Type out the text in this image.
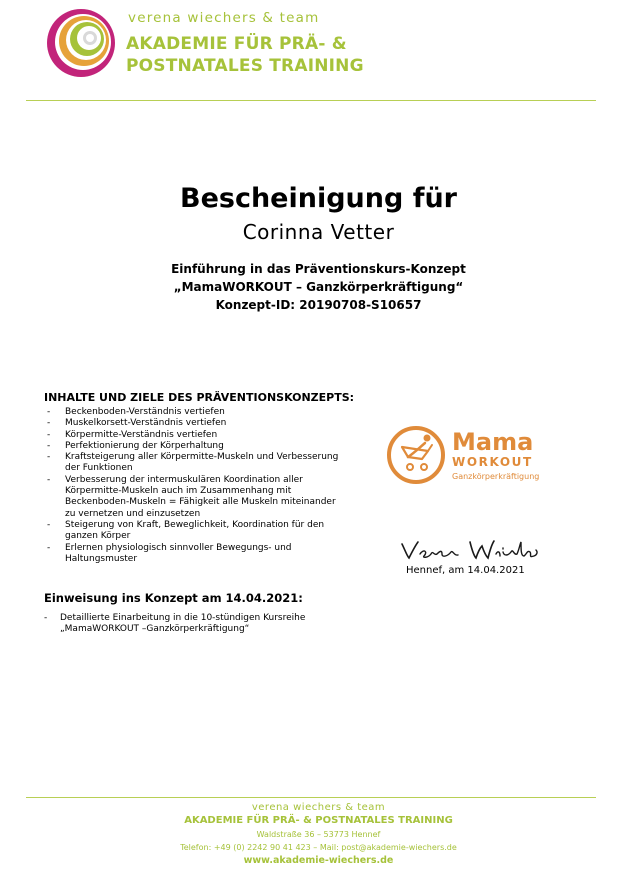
verena wiechers & team
AKADEMIE FÜR PRÄ- &
POSTNATALES TRAINING
Bescheinigung für
Corinna Vetter
Einführung in das Präventionskurs-Konzept
„MamaWORKOUT – Ganzkörperkräftigung“
Konzept-ID: 20190708-S10657
INHALTE UND ZIELE DES PRÄVENTIONSKONZEPTS:
- Beckenboden-Verständnis vertiefen
- Muskelkorsett-Verständnis vertiefen
- Körpermitte-Verständnis vertiefen
- Perfektionierung der Körperhaltung
- Kraftsteigerung aller Körpermitte-Muskeln und Verbesserung der Funktionen
- Verbesserung der intermuskulären Koordination aller Körpermitte-Muskeln auch im Zusammenhang mit Beckenboden-Muskeln = Fähigkeit alle Muskeln miteinander zu vernetzen und einzusetzen
- Steigerung von Kraft, Beweglichkeit, Koordination für den ganzen Körper
- Erlernen physiologisch sinnvoller Bewegungs- und Haltungsmuster
Einweisung ins Konzept am 14.04.2021:
- Detaillierte Einarbeitung in die 10-stündigen Kursreihe „MamaWORKOUT –Ganzkörperkräftigung“
Mama
WORKOUT
Ganzkörperkräftigung
Hennef, am 14.04.2021
verena wiechers & team
AKADEMIE FÜR PRÄ- & POSTNATALES TRAINING
Waldstraße 36 – 53773 Hennef
Telefon: +49 (0) 2242 90 41 423 – Mail: post@akademie-wiechers.de
www.akademie-wiechers.de
